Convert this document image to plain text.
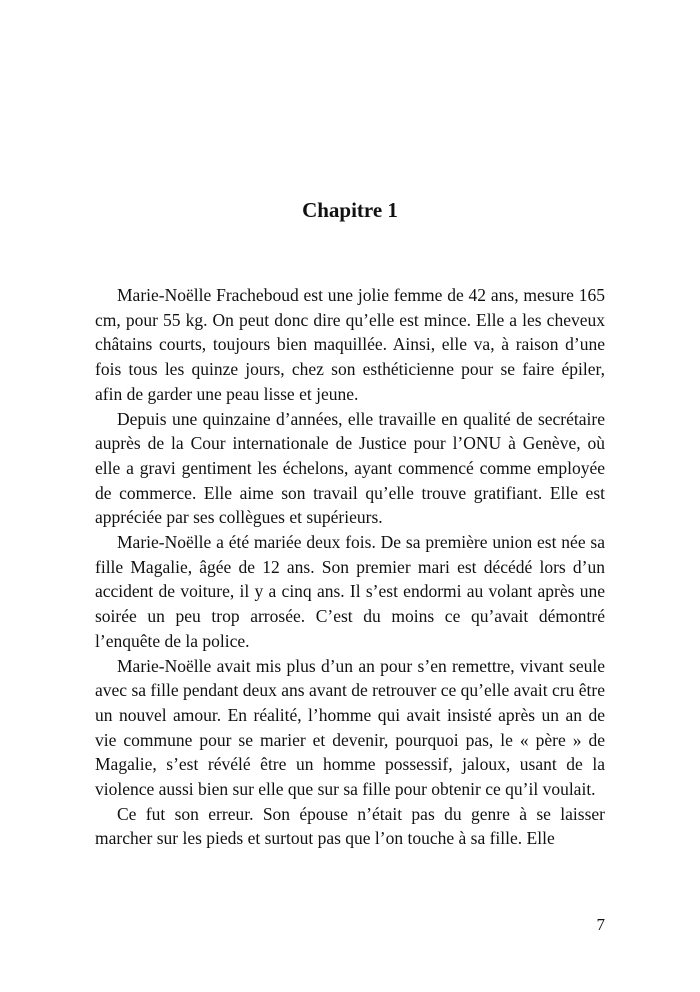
Chapitre 1

Marie-Noëlle Fracheboud est une jolie femme de 42 ans, mesure 165 cm, pour 55 kg. On peut donc dire qu’elle est mince. Elle a les cheveux châtains courts, toujours bien maquillée. Ainsi, elle va, à raison d’une fois tous les quinze jours, chez son esthéticienne pour se faire épiler, afin de garder une peau lisse et jeune.

Depuis une quinzaine d’années, elle travaille en qualité de secrétaire auprès de la Cour internationale de Justice pour l’ONU à Genève, où elle a gravi gentiment les échelons, ayant commencé comme employée de commerce. Elle aime son travail qu’elle trouve gratifiant. Elle est appréciée par ses collègues et supérieurs.

Marie-Noëlle a été mariée deux fois. De sa première union est née sa fille Magalie, âgée de 12 ans. Son premier mari est décédé lors d’un accident de voiture, il y a cinq ans. Il s’est endormi au volant après une soirée un peu trop arrosée. C’est du moins ce qu’avait démontré l’enquête de la police.

Marie-Noëlle avait mis plus d’un an pour s’en remettre, vivant seule avec sa fille pendant deux ans avant de retrouver ce qu’elle avait cru être un nouvel amour. En réalité, l’homme qui avait insisté après un an de vie commune pour se marier et devenir, pourquoi pas, le « père » de Magalie, s’est révélé être un homme possessif, jaloux, usant de la violence aussi bien sur elle que sur sa fille pour obtenir ce qu’il voulait.

Ce fut son erreur. Son épouse n’était pas du genre à se laisser marcher sur les pieds et surtout pas que l’on touche à sa fille. Elle

7
